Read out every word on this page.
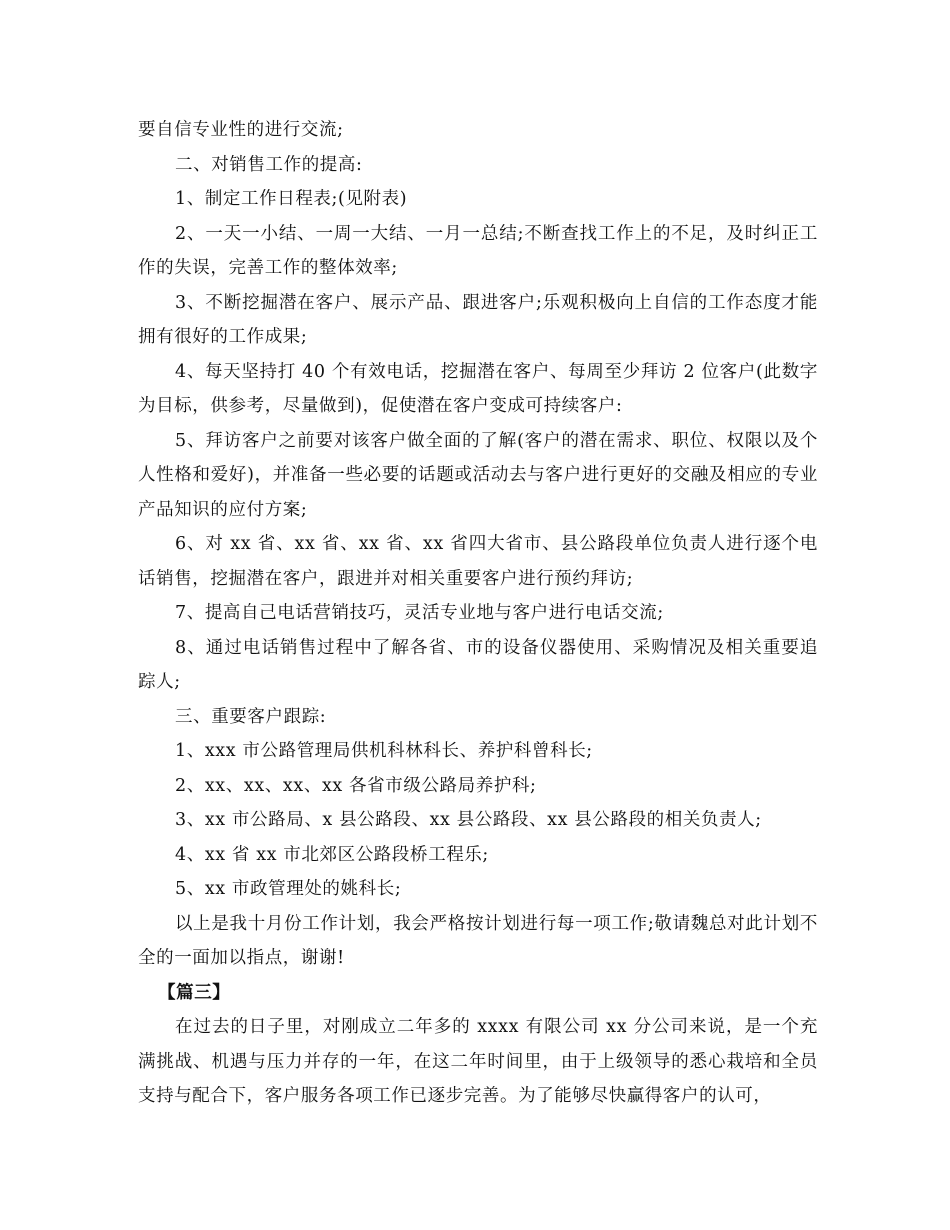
要自信专业性的进行交流;

二、对销售工作的提高:

1、制定工作日程表;(见附表)

2、一天一小结、一周一大结、一月一总结;不断查找工作上的不足，及时纠正工作的失误，完善工作的整体效率;

3、不断挖掘潜在客户、展示产品、跟进客户;乐观积极向上自信的工作态度才能拥有很好的工作成果;

4、每天坚持打 40 个有效电话，挖掘潜在客户、每周至少拜访 2 位客户(此数字为目标，供参考，尽量做到)，促使潜在客户变成可持续客户:

5、拜访客户之前要对该客户做全面的了解(客户的潜在需求、职位、权限以及个人性格和爱好)，并准备一些必要的话题或活动去与客户进行更好的交融及相应的专业产品知识的应付方案;

6、对 xx 省、xx 省、xx 省、xx 省四大省市、县公路段单位负责人进行逐个电话销售，挖掘潜在客户，跟进并对相关重要客户进行预约拜访;

7、提高自己电话营销技巧，灵活专业地与客户进行电话交流;

8、通过电话销售过程中了解各省、市的设备仪器使用、采购情况及相关重要追踪人;

三、重要客户跟踪:

1、xxx 市公路管理局供机科林科长、养护科曾科长;

2、xx、xx、xx、xx 各省市级公路局养护科;

3、xx 市公路局、x 县公路段、xx 县公路段、xx 县公路段的相关负责人;

4、xx 省 xx 市北郊区公路段桥工程乐;

5、xx 市政管理处的姚科长;

以上是我十月份工作计划，我会严格按计划进行每一项工作;敬请魏总对此计划不全的一面加以指点，谢谢!

【篇三】

在过去的日子里，对刚成立二年多的 xxxx 有限公司 xx 分公司来说，是一个充满挑战、机遇与压力并存的一年，在这二年时间里，由于上级领导的悉心栽培和全员支持与配合下，客户服务各项工作已逐步完善。为了能够尽快赢得客户的认可，
